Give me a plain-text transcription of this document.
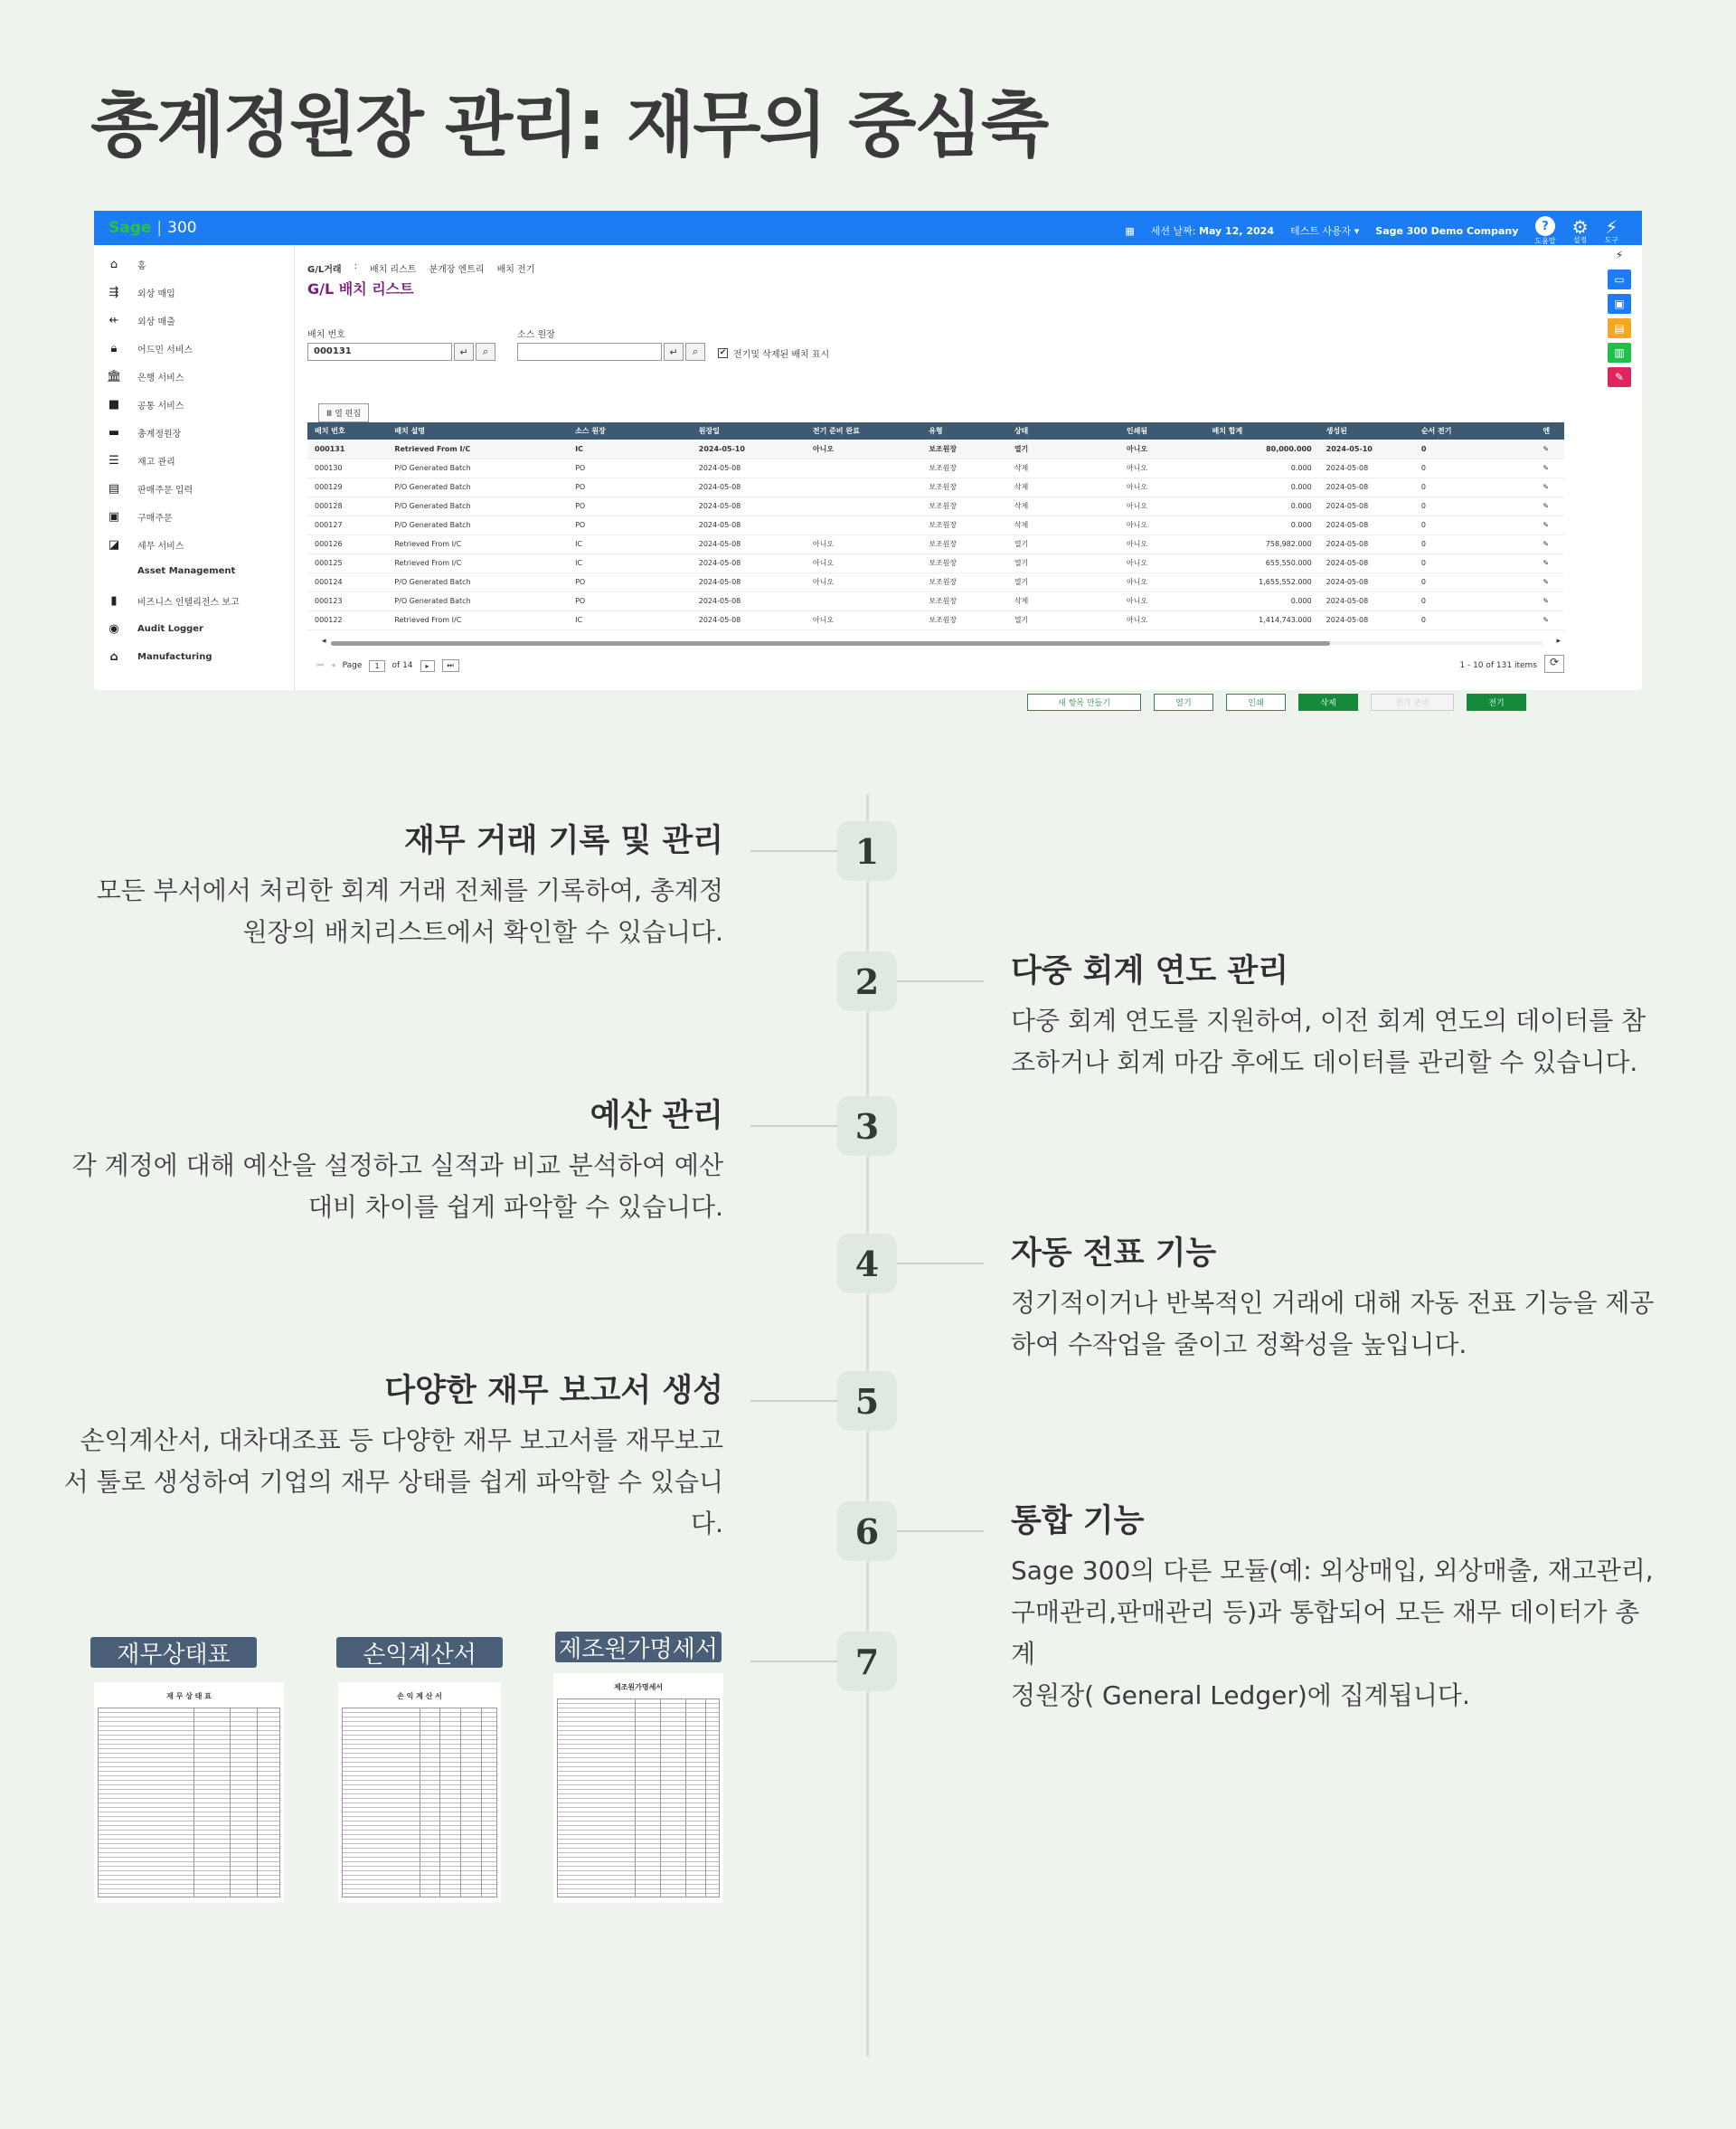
총계정원장 관리: 재무의 중심축
Sage | 300	▦ 세션 날짜: May 12, 2024 테스트 사용자 ▾ Sage 300 Demo Company	?
도움말
⚙
설정
⚡
도구
⌂	홈
⇶ 외상 매입
⇷ 외상 매출
🔒︎	어드민 서비스
🏛︎ 은행 서비스
■ 공통 서비스
▬ 총계정원장
☰ 재고 관리
▤ 판매주문 입력
▣ 구매주문
◪ 세무 서비스
Asset Management
▮	비즈니스 인텔리전스 보고
◉ Audit Logger
⌂	Manufacturing
G/L거래 : 배치 리스트 분개장 엔트리 배치 전기
G/L 배치 리스트
배치 번호
000131	↵	⌕
소스 원장
↵	⌕	✔ 전기및 삭제된 배치 표시
Ⅲ 열 편집
배치 번호	배치 설명	소스 원장	원장일	전기 준비 완료	유형	상태	인쇄됨	배치 합계	생성된	순서 전기	엔
000131	Retrieved From I/C	IC	2024-05-10	아니오	보조원장	열기	아니오	80,000.000	2024-05-10	0	✎
000130	P/O Generated Batch	PO	2024-05-08		보조원장	삭제	아니오	0.000	2024-05-08	0	✎
000129	P/O Generated Batch	PO	2024-05-08		보조원장	삭제	아니오	0.000	2024-05-08	0	✎
000128	P/O Generated Batch	PO	2024-05-08		보조원장	삭제	아니오	0.000	2024-05-08	0	✎
000127	P/O Generated Batch	PO	2024-05-08		보조원장	삭제	아니오	0.000	2024-05-08	0	✎
000126	Retrieved From I/C	IC	2024-05-08	아니오	보조원장	열기	아니오	758,982.000	2024-05-08	0	✎
000125	Retrieved From I/C	IC	2024-05-08	아니오	보조원장	열기	아니오	655,550.000	2024-05-08	0	✎
000124	P/O Generated Batch	PO	2024-05-08	아니오	보조원장	열기	아니오	1,655,552.000	2024-05-08	0	✎
000123	P/O Generated Batch	PO	2024-05-08		보조원장	삭제	아니오	0.000	2024-05-08	0	✎
000122	Retrieved From I/C	IC	2024-05-08	아니오	보조원장	열기	아니오	1,414,743.000	2024-05-08	0	✎
◂	▸
⏮ ◂ Page	1	of 14	▸	⏭	1 - 10 of 131 items	⟳
새 항목 만들기	열기	인쇄	삭제	전기 준비	전기
⚡
▭
▣
▤
▥
✎
1
재무 거래 기록 및 관리
모든 부서에서 처리한 회계 거래 전체를 기록하여, 총계정
원장의 배치리스트에서 확인할 수 있습니다.
2	다중 회계 연도 관리
다중 회계 연도를 지원하여, 이전 회계 연도의 데이터를 참
조하거나 회계 마감 후에도 데이터를 관리할 수 있습니다.
3
예산 관리
각 계정에 대해 예산을 설정하고 실적과 비교 분석하여 예산
대비 차이를 쉽게 파악할 수 있습니다.
4	자동 전표 기능
정기적이거나 반복적인 거래에 대해 자동 전표 기능을 제공
하여 수작업을 줄이고 정확성을 높입니다.
5
다양한 재무 보고서 생성
손익계산서, 대차대조표 등 다양한 재무 보고서를 재무보고
서 툴로 생성하여 기업의 재무 상태를 쉽게 파악할 수 있습니
다.	6	통합 기능
Sage 300의 다른 모듈(예: 외상매입, 외상매출, 재고관리,
구매관리,판매관리 등)과 통합되어 모든 재무 데이터가 총계
정원장( General Ledger)에 집계됩니다.
7
재무상태표
재 무 상 태 표
손익계산서
손 익 계 산 서
제조원가명세서
제조원가명세서
